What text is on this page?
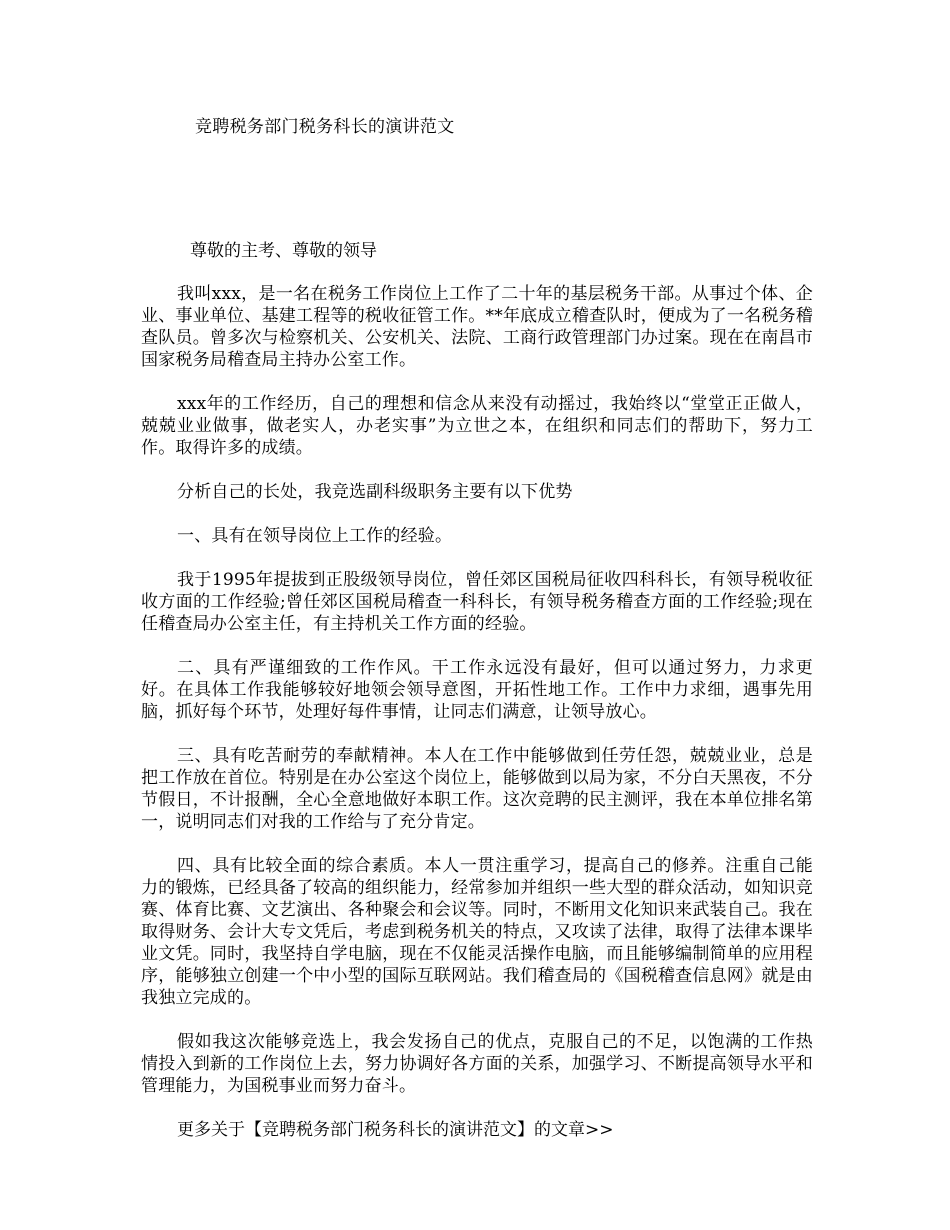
竞聘税务部门税务科长的演讲范文
尊敬的主考、尊敬的领导

我叫xxx，是一名在税务工作岗位上工作了二十年的基层税务干部。从事过个体、企业、事业单位、基建工程等的税收征管工作。**年底成立稽查队时，便成为了一名税务稽查队员。曾多次与检察机关、公安机关、法院、工商行政管理部门办过案。现在在南昌市国家税务局稽查局主持办公室工作。

xxx年的工作经历，自己的理想和信念从来没有动摇过，我始终以“堂堂正正做人，兢兢业业做事，做老实人，办老实事”为立世之本，在组织和同志们的帮助下，努力工作。取得许多的成绩。

分析自己的长处，我竞选副科级职务主要有以下优势

一、具有在领导岗位上工作的经验。

我于1995年提拔到正股级领导岗位，曾任郊区国税局征收四科科长，有领导税收征收方面的工作经验;曾任郊区国税局稽查一科科长，有领导税务稽查方面的工作经验;现在任稽查局办公室主任，有主持机关工作方面的经验。

二、具有严谨细致的工作作风。干工作永远没有最好，但可以通过努力，力求更好。在具体工作我能够较好地领会领导意图，开拓性地工作。工作中力求细，遇事先用脑，抓好每个环节，处理好每件事情，让同志们满意，让领导放心。

三、具有吃苦耐劳的奉献精神。本人在工作中能够做到任劳任怨，兢兢业业，总是把工作放在首位。特别是在办公室这个岗位上，能够做到以局为家，不分白天黑夜，不分节假日，不计报酬，全心全意地做好本职工作。这次竞聘的民主测评，我在本单位排名第一，说明同志们对我的工作给与了充分肯定。

四、具有比较全面的综合素质。本人一贯注重学习，提高自己的修养。注重自己能力的锻炼，已经具备了较高的组织能力，经常参加并组织一些大型的群众活动，如知识竞赛、体育比赛、文艺演出、各种聚会和会议等。同时，不断用文化知识来武装自己。我在取得财务、会计大专文凭后，考虑到税务机关的特点，又攻读了法律，取得了法律本课毕业文凭。同时，我坚持自学电脑，现在不仅能灵活操作电脑，而且能够编制简单的应用程序，能够独立创建一个中小型的国际互联网站。我们稽查局的《国税稽查信息网》就是由我独立完成的。

假如我这次能够竞选上，我会发扬自己的优点，克服自己的不足，以饱满的工作热情投入到新的工作岗位上去，努力协调好各方面的关系，加强学习、不断提高领导水平和管理能力，为国税事业而努力奋斗。

更多关于【竞聘税务部门税务科长的演讲范文】的文章>>
